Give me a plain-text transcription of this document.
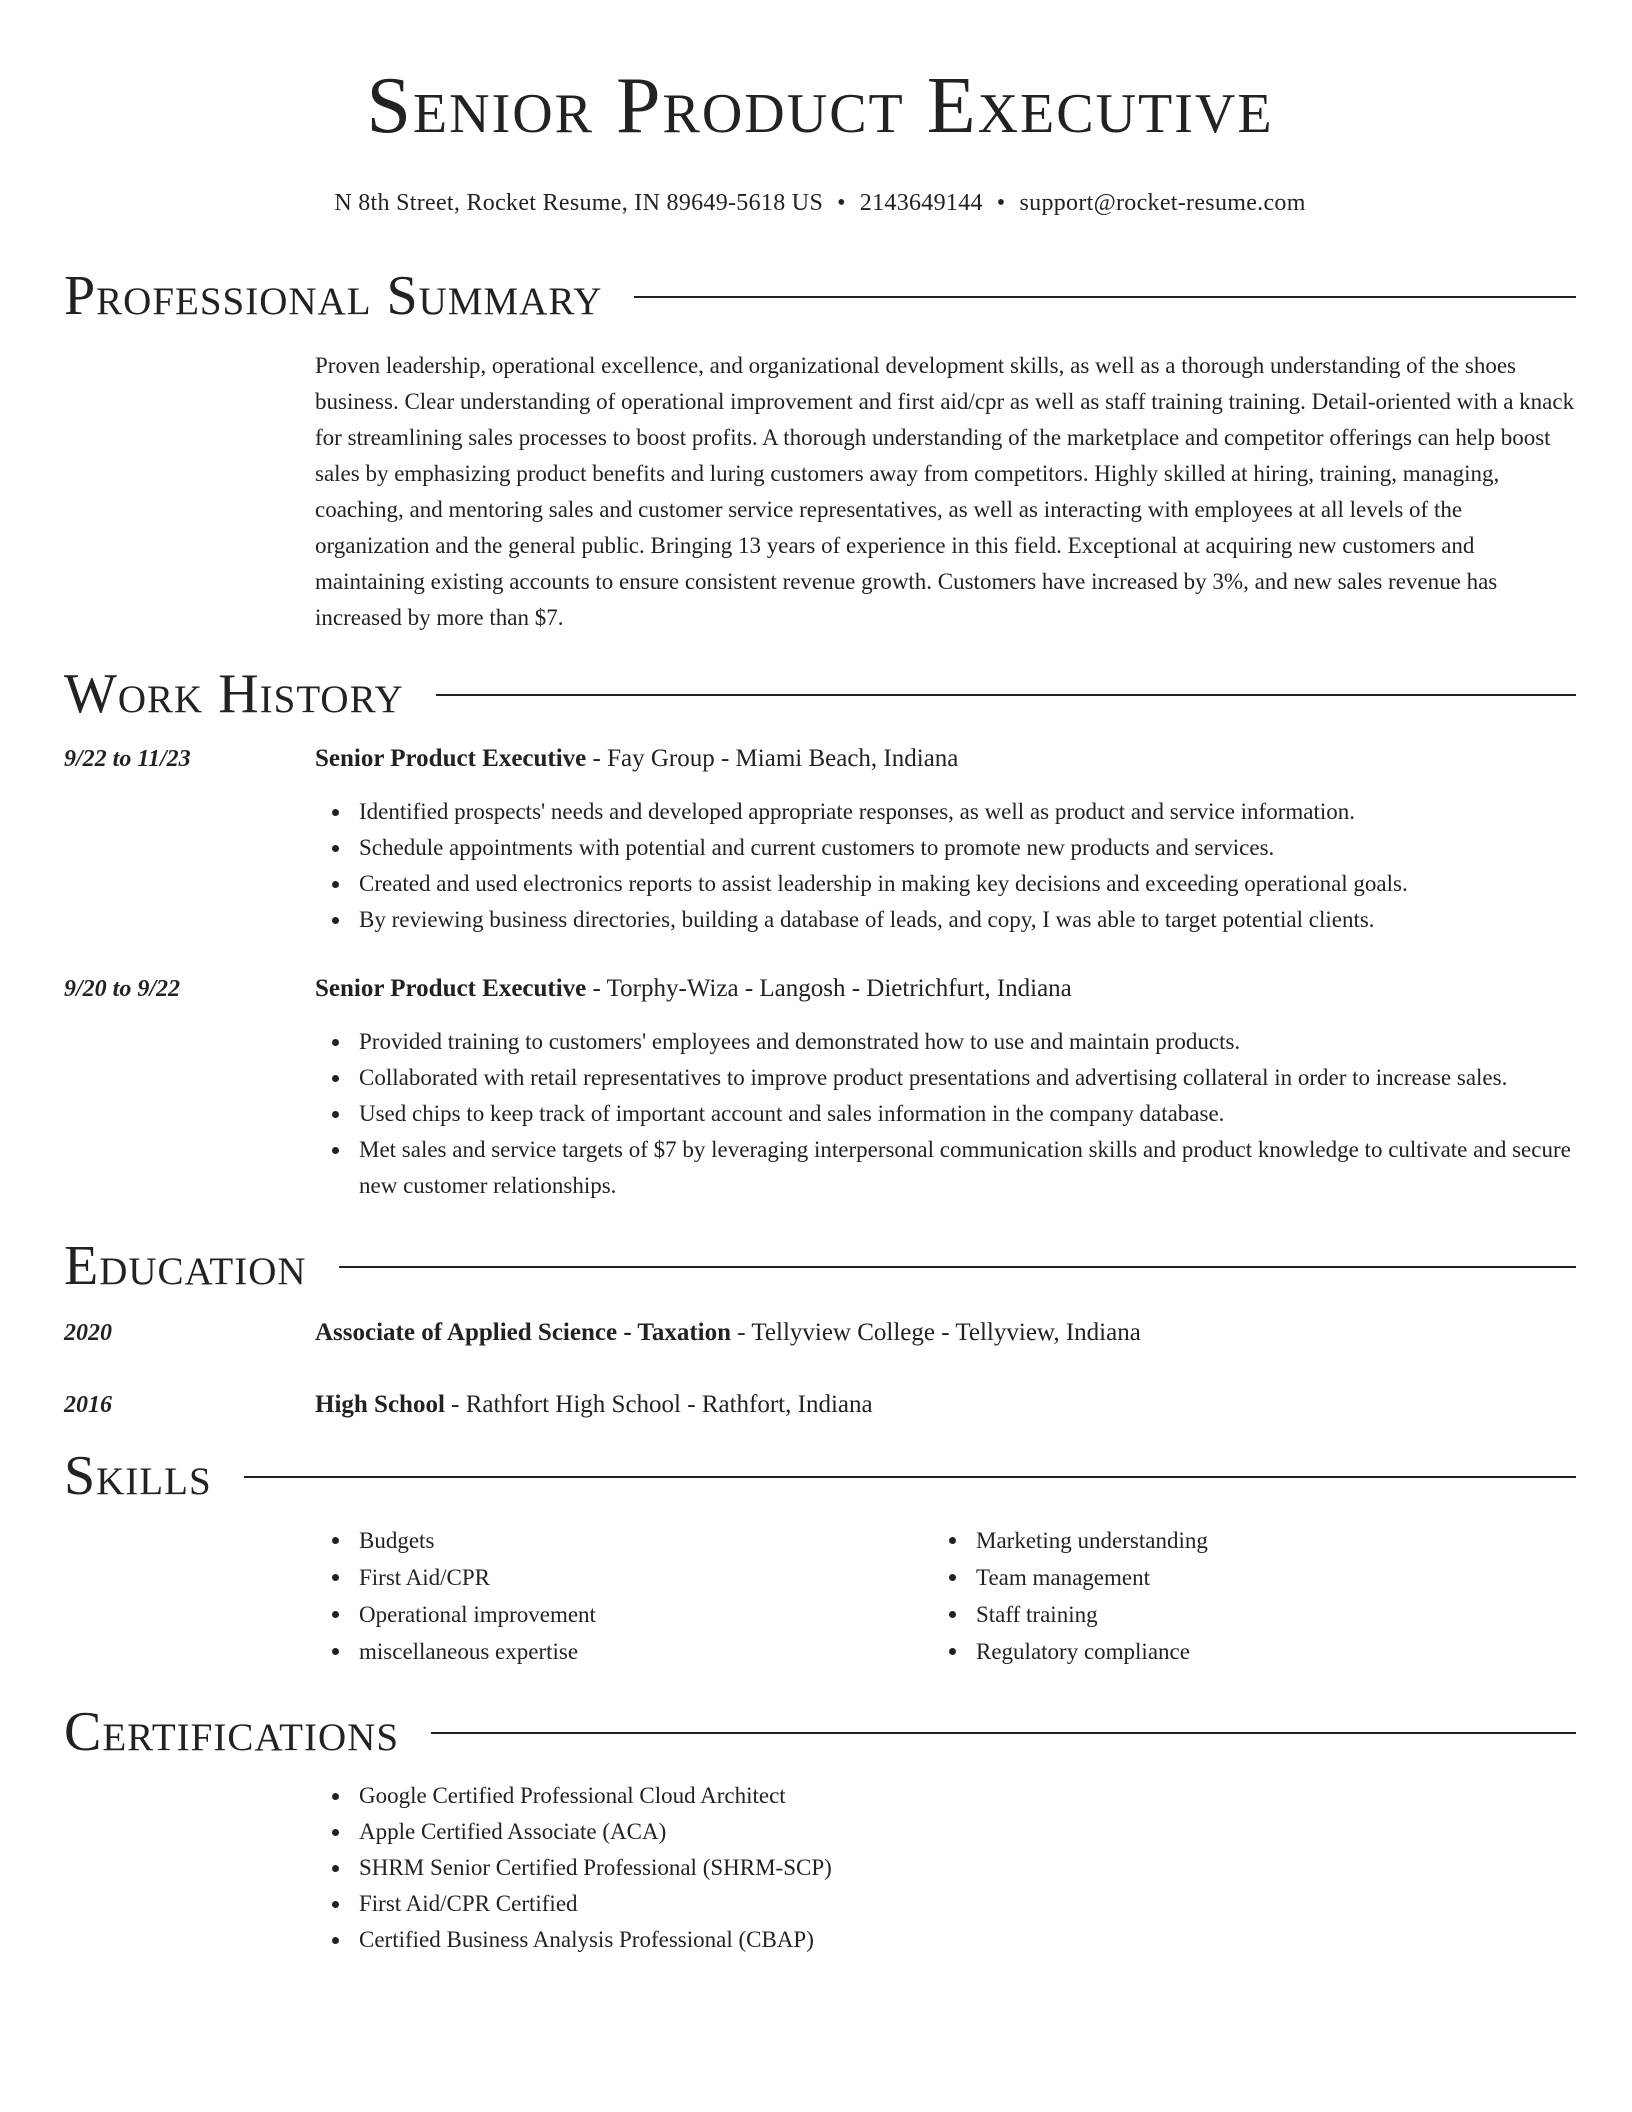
Senior Product Executive
N 8th Street, Rocket Resume, IN 89649-5618 US • 2143649144 • support@rocket-resume.com
Professional Summary

Proven leadership, operational excellence, and organizational development skills, as well as a thorough understanding of the shoes business. Clear understanding of operational improvement and first aid/cpr as well as staff training training. Detail-oriented with a knack for streamlining sales processes to boost profits. A thorough understanding of the marketplace and competitor offerings can help boost sales by emphasizing product benefits and luring customers away from competitors. Highly skilled at hiring, training, managing, coaching, and mentoring sales and customer service representatives, as well as interacting with employees at all levels of the organization and the general public. Bringing 13 years of experience in this field. Exceptional at acquiring new customers and maintaining existing accounts to ensure consistent revenue growth. Customers have increased by 3%, and new sales revenue has increased by more than $7.

Work History
9/22 to 11/23	Senior Product Executive - Fay Group - Miami Beach, Indiana
Identified prospects' needs and developed appropriate responses, as well as product and service information.
Schedule appointments with potential and current customers to promote new products and services.
Created and used electronics reports to assist leadership in making key decisions and exceeding operational goals.
By reviewing business directories, building a database of leads, and copy, I was able to target potential clients.
9/20 to 9/22	Senior Product Executive - Torphy-Wiza - Langosh - Dietrichfurt, Indiana
Provided training to customers' employees and demonstrated how to use and maintain products.
Collaborated with retail representatives to improve product presentations and advertising collateral in order to increase sales.
Used chips to keep track of important account and sales information in the company database.
Met sales and service targets of $7 by leveraging interpersonal communication skills and product knowledge to cultivate and secure new customer relationships.
Education
2020	Associate of Applied Science - Taxation - Tellyview College - Tellyview, Indiana
2016	High School - Rathfort High School - Rathfort, Indiana
Skills
Budgets
First Aid/CPR
Operational improvement
miscellaneous expertise
Marketing understanding
Team management
Staff training
Regulatory compliance
Certifications
Google Certified Professional Cloud Architect
Apple Certified Associate (ACA)
SHRM Senior Certified Professional (SHRM-SCP)
First Aid/CPR Certified
Certified Business Analysis Professional (CBAP)
